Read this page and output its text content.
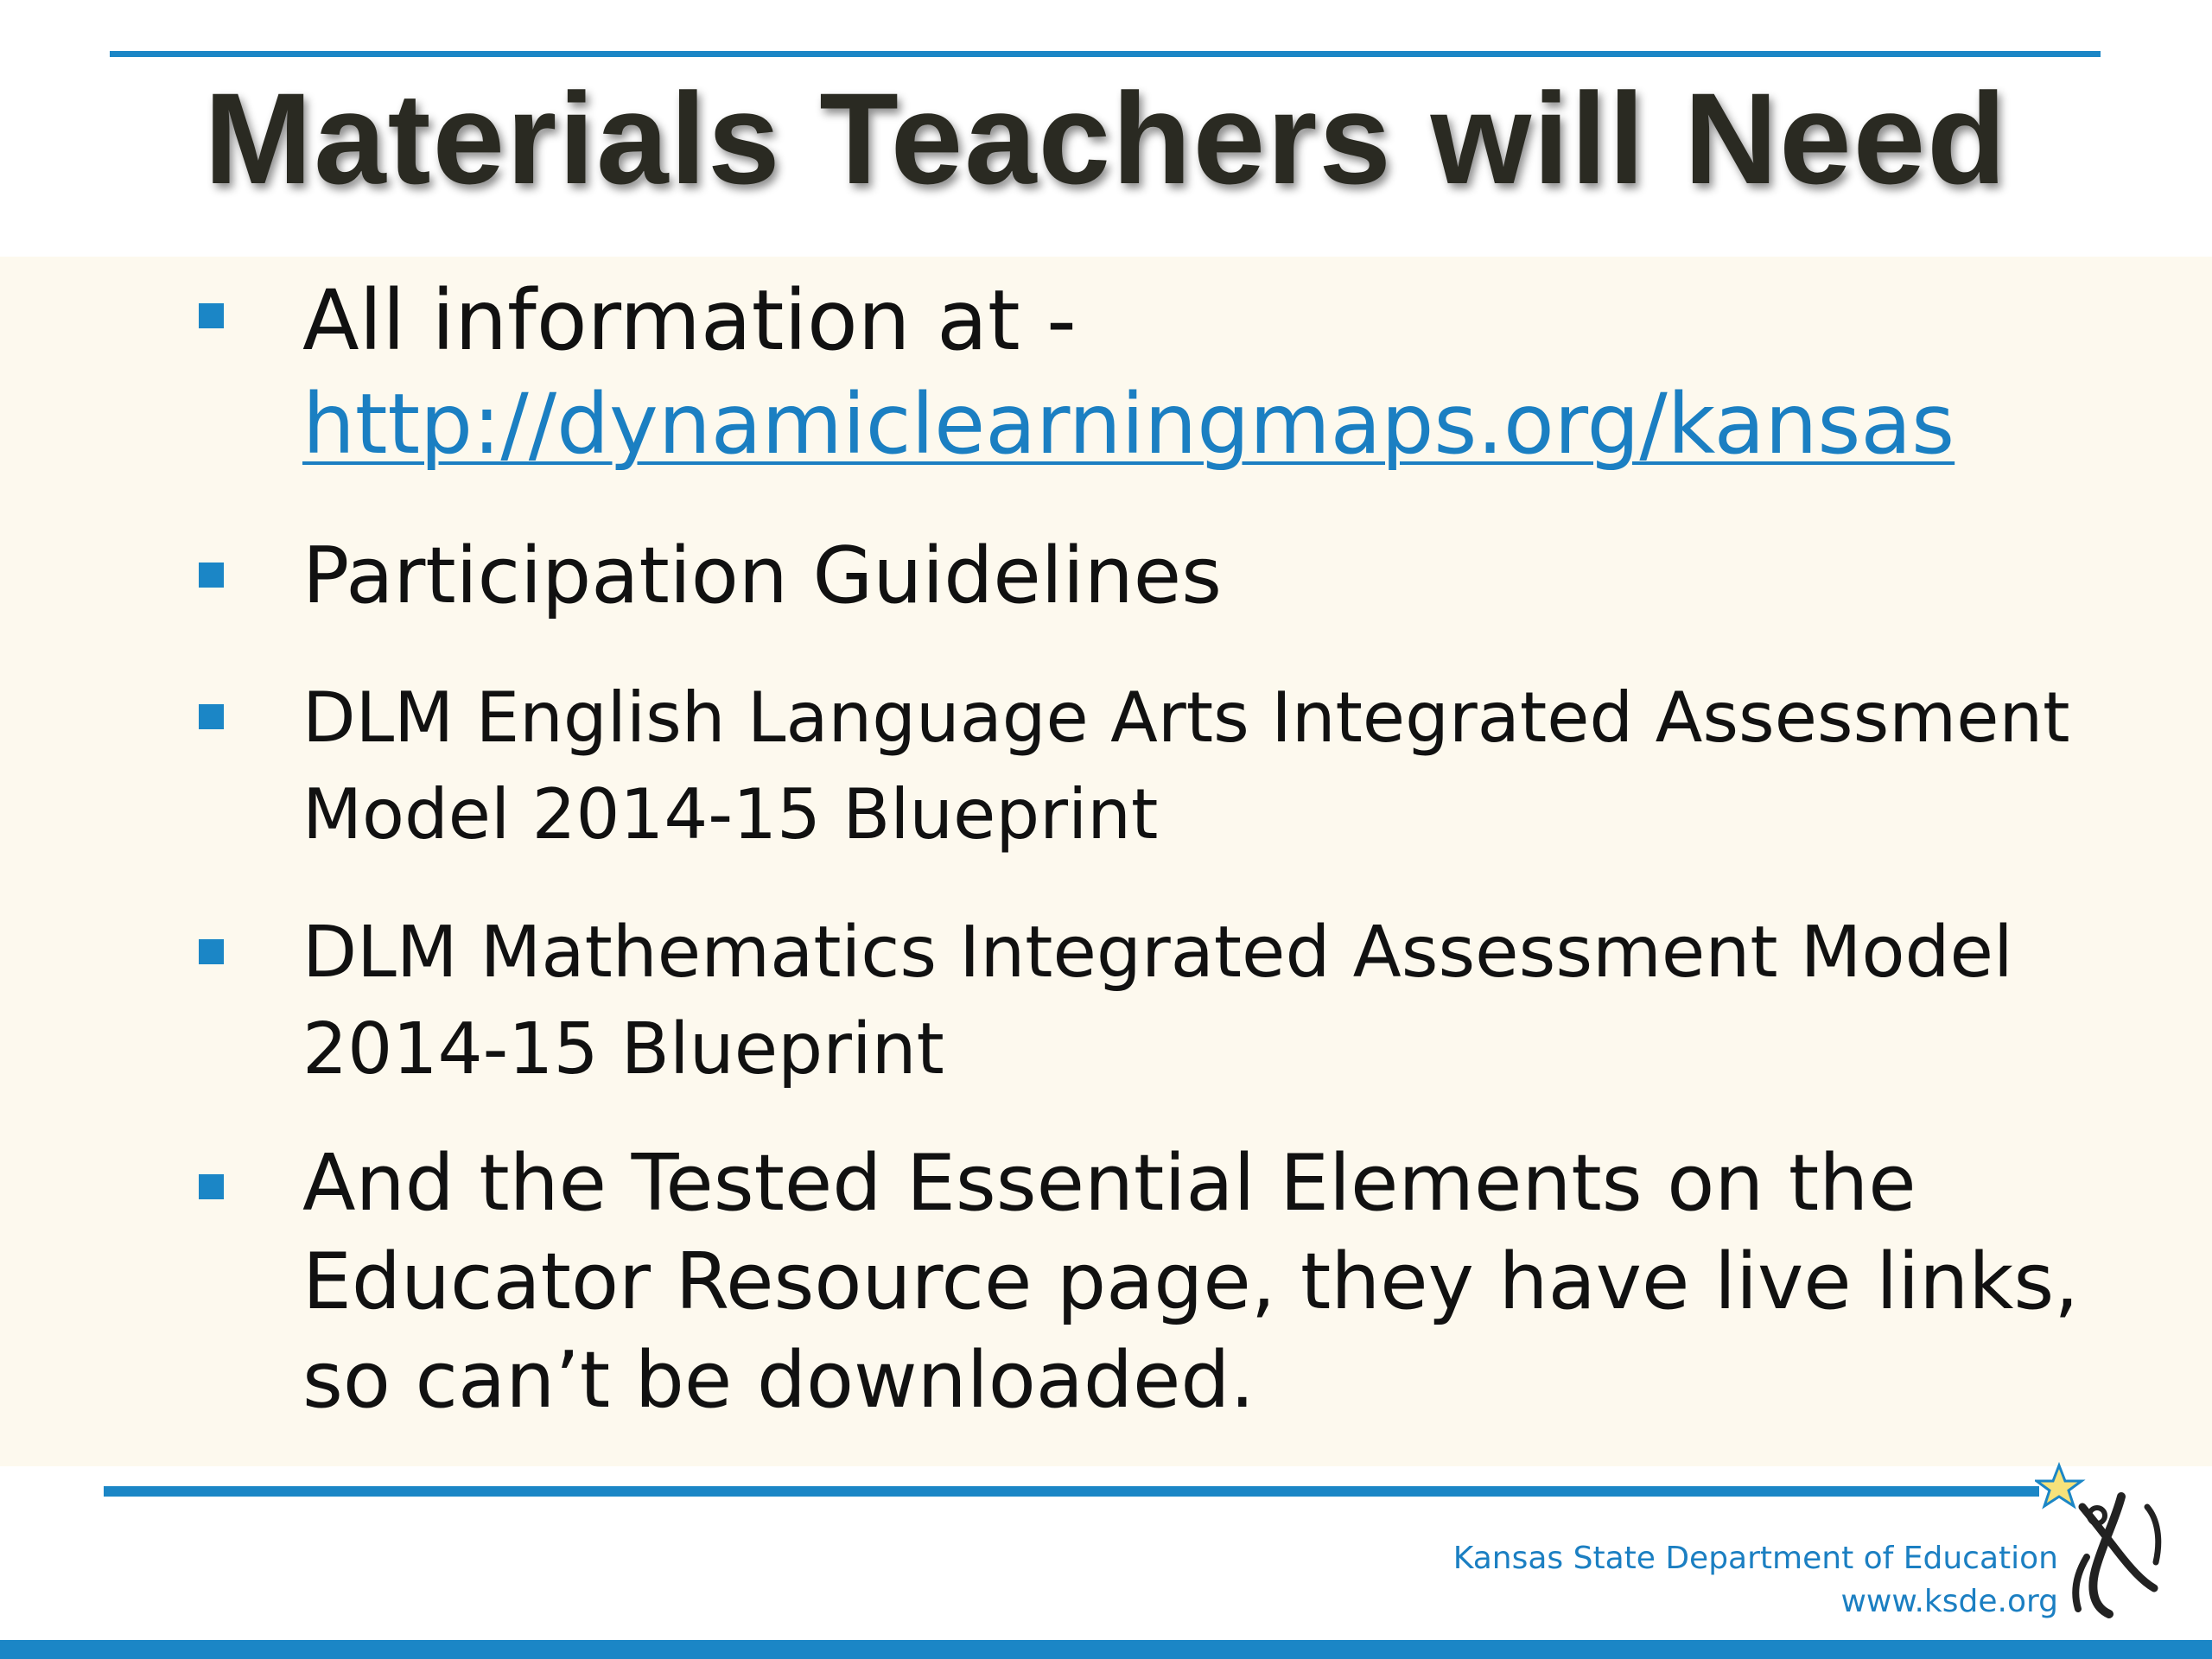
Materials Teachers will Need
All information at -
http://dynamiclearningmaps.org/kansas
Participation Guidelines
DLM English Language Arts Integrated Assessment
Model 2014-15 Blueprint
DLM Mathematics Integrated Assessment Model
2014-15 Blueprint
And the Tested Essential Elements on the
Educator Resource page, they have live links,
so can’t be downloaded.
Kansas State Department of Education
www.ksde.org
